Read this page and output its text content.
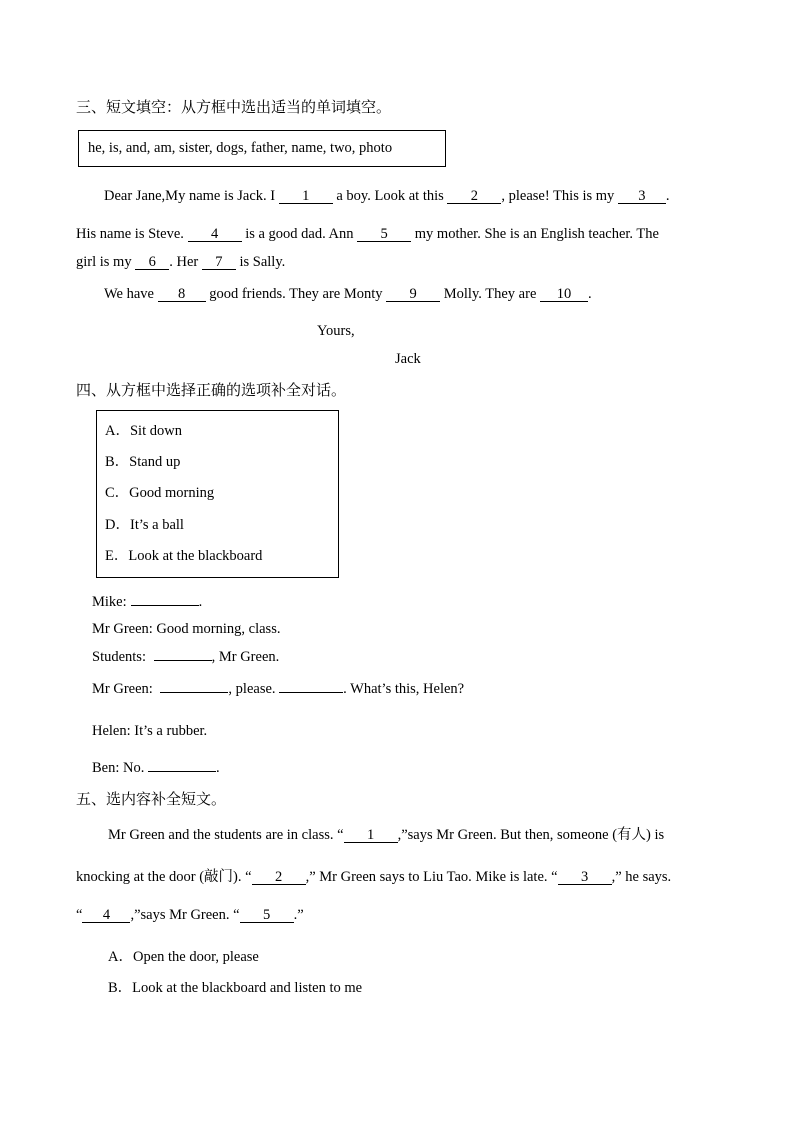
三、短文填空：从方框中选出适当的单词填空。
he, is, and, am, sister, dogs, father, name, two, photo
Dear Jane,My name is Jack. I 1 a boy. Look at this 2 , please! This is my 3 .
His name is Steve. 4 is a good dad. Ann 5 my mother. She is an English teacher. The
girl is my 6 . Her 7 is Sally.
We have 8 good friends. They are Monty 9 Molly. They are 10 .
Yours,
Jack
四、从方框中选择正确的选项补全对话。
A．Sit down
B．Stand up
C．Good morning
D．It’s a ball
E．Look at the blackboard
Mike:	.
Mr Green: Good morning, class.
Students:	, Mr Green.
Mr Green:	, please.	. What’s this, Helen?
Helen: It’s a rubber.
Ben: No.	.
五、选内容补全短文。
Mr Green and the students are in class. “ 1 ,”says Mr Green. But then, someone (有人) is
knocking at the door (敲门). “ 2 ,” Mr Green says to Liu Tao. Mike is late. “ 3 ,” he says.
“ 4 ,”says Mr Green. “ 5 .”
A．Open the door, please
B．Look at the blackboard and listen to me
